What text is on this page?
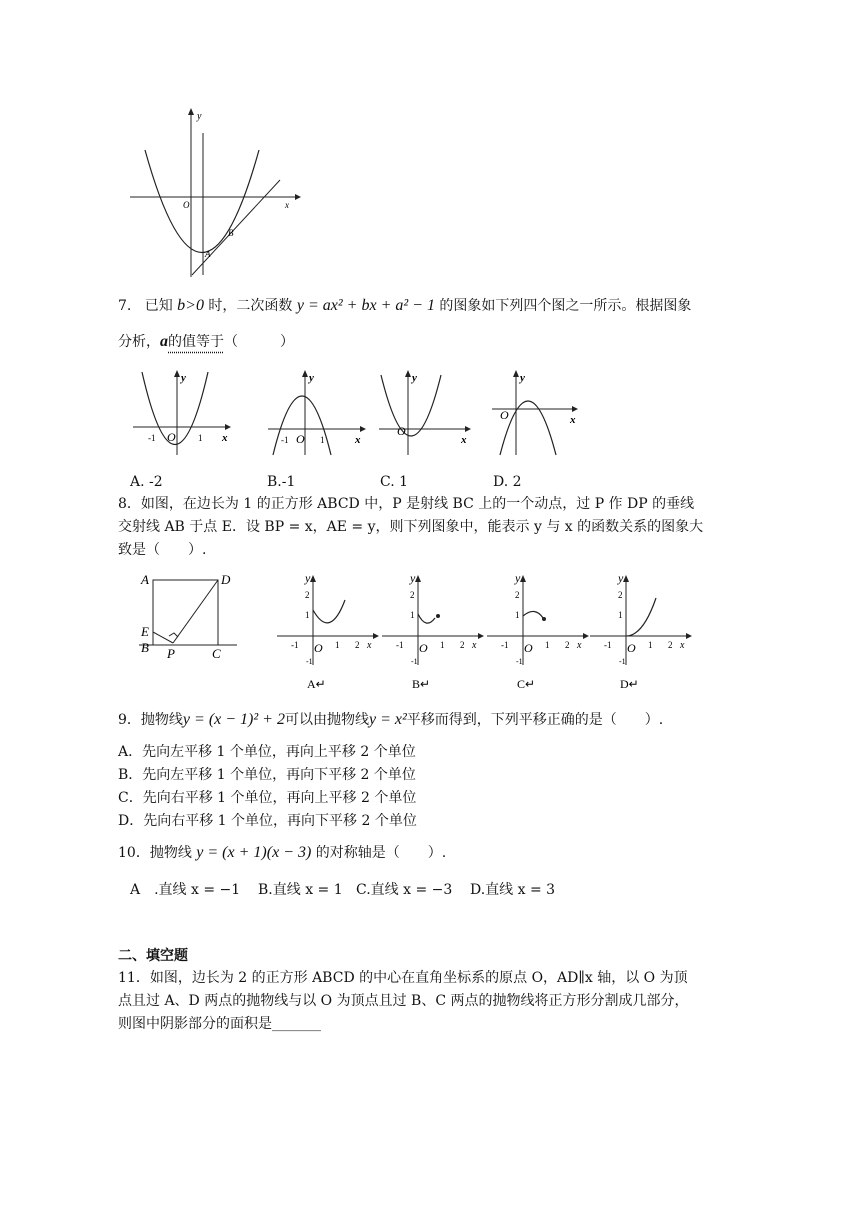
y
x
O
A
B
7. 已知 b>0 时，二次函数 y = ax² + bx + a² − 1 的图象如下列四个图之一所示。根据图象
分析，a的值等于（　　　）
y
x
O
-1	1
y
x
O
-1	1
y
x
O
y
x
O
A. -2	B.-1	C. 1	D. 2
8．如图，在边长为 1 的正方形 ABCD 中，P 是射线 BC 上的一个动点，过 P 作 DP 的垂线
交射线 AB 于点 E．设 BP = x，AE = y，则下列图象中，能表示 y 与 x 的函数关系的图象大
致是（　　）.
A	D
E
B P	C
y
2
1
-1 O 1 2 x
-1
A↵
y
2
1
-1 O 1 2 x
-1
B↵
y
2
1
-1 O 1 2 x
-1
C↵
y
2
1
-1 O 1 2 x
-1
D↵
9．抛物线y = (x − 1)² + 2可以由抛物线y = x²平移而得到，下列平移正确的是（　　）.
A．先向左平移 1 个单位，再向上平移 2 个单位
B．先向左平移 1 个单位，再向下平移 2 个单位
C．先向右平移 1 个单位，再向上平移 2 个单位
D．先向右平移 1 个单位，再向下平移 2 个单位
10．抛物线 y = (x + 1)(x − 3) 的对称轴是（　　）.
A　.直线 x = −1 B.直线 x = 1 C.直线 x = −3 D.直线 x = 3
二、填空题
11．如图，边长为 2 的正方形 ABCD 的中心在直角坐标系的原点 O，AD∥x 轴，以 O 为顶
点且过 A、D 两点的抛物线与以 O 为顶点且过 B、C 两点的抛物线将正方形分割成几部分，
则图中阴影部分的面积是_______
